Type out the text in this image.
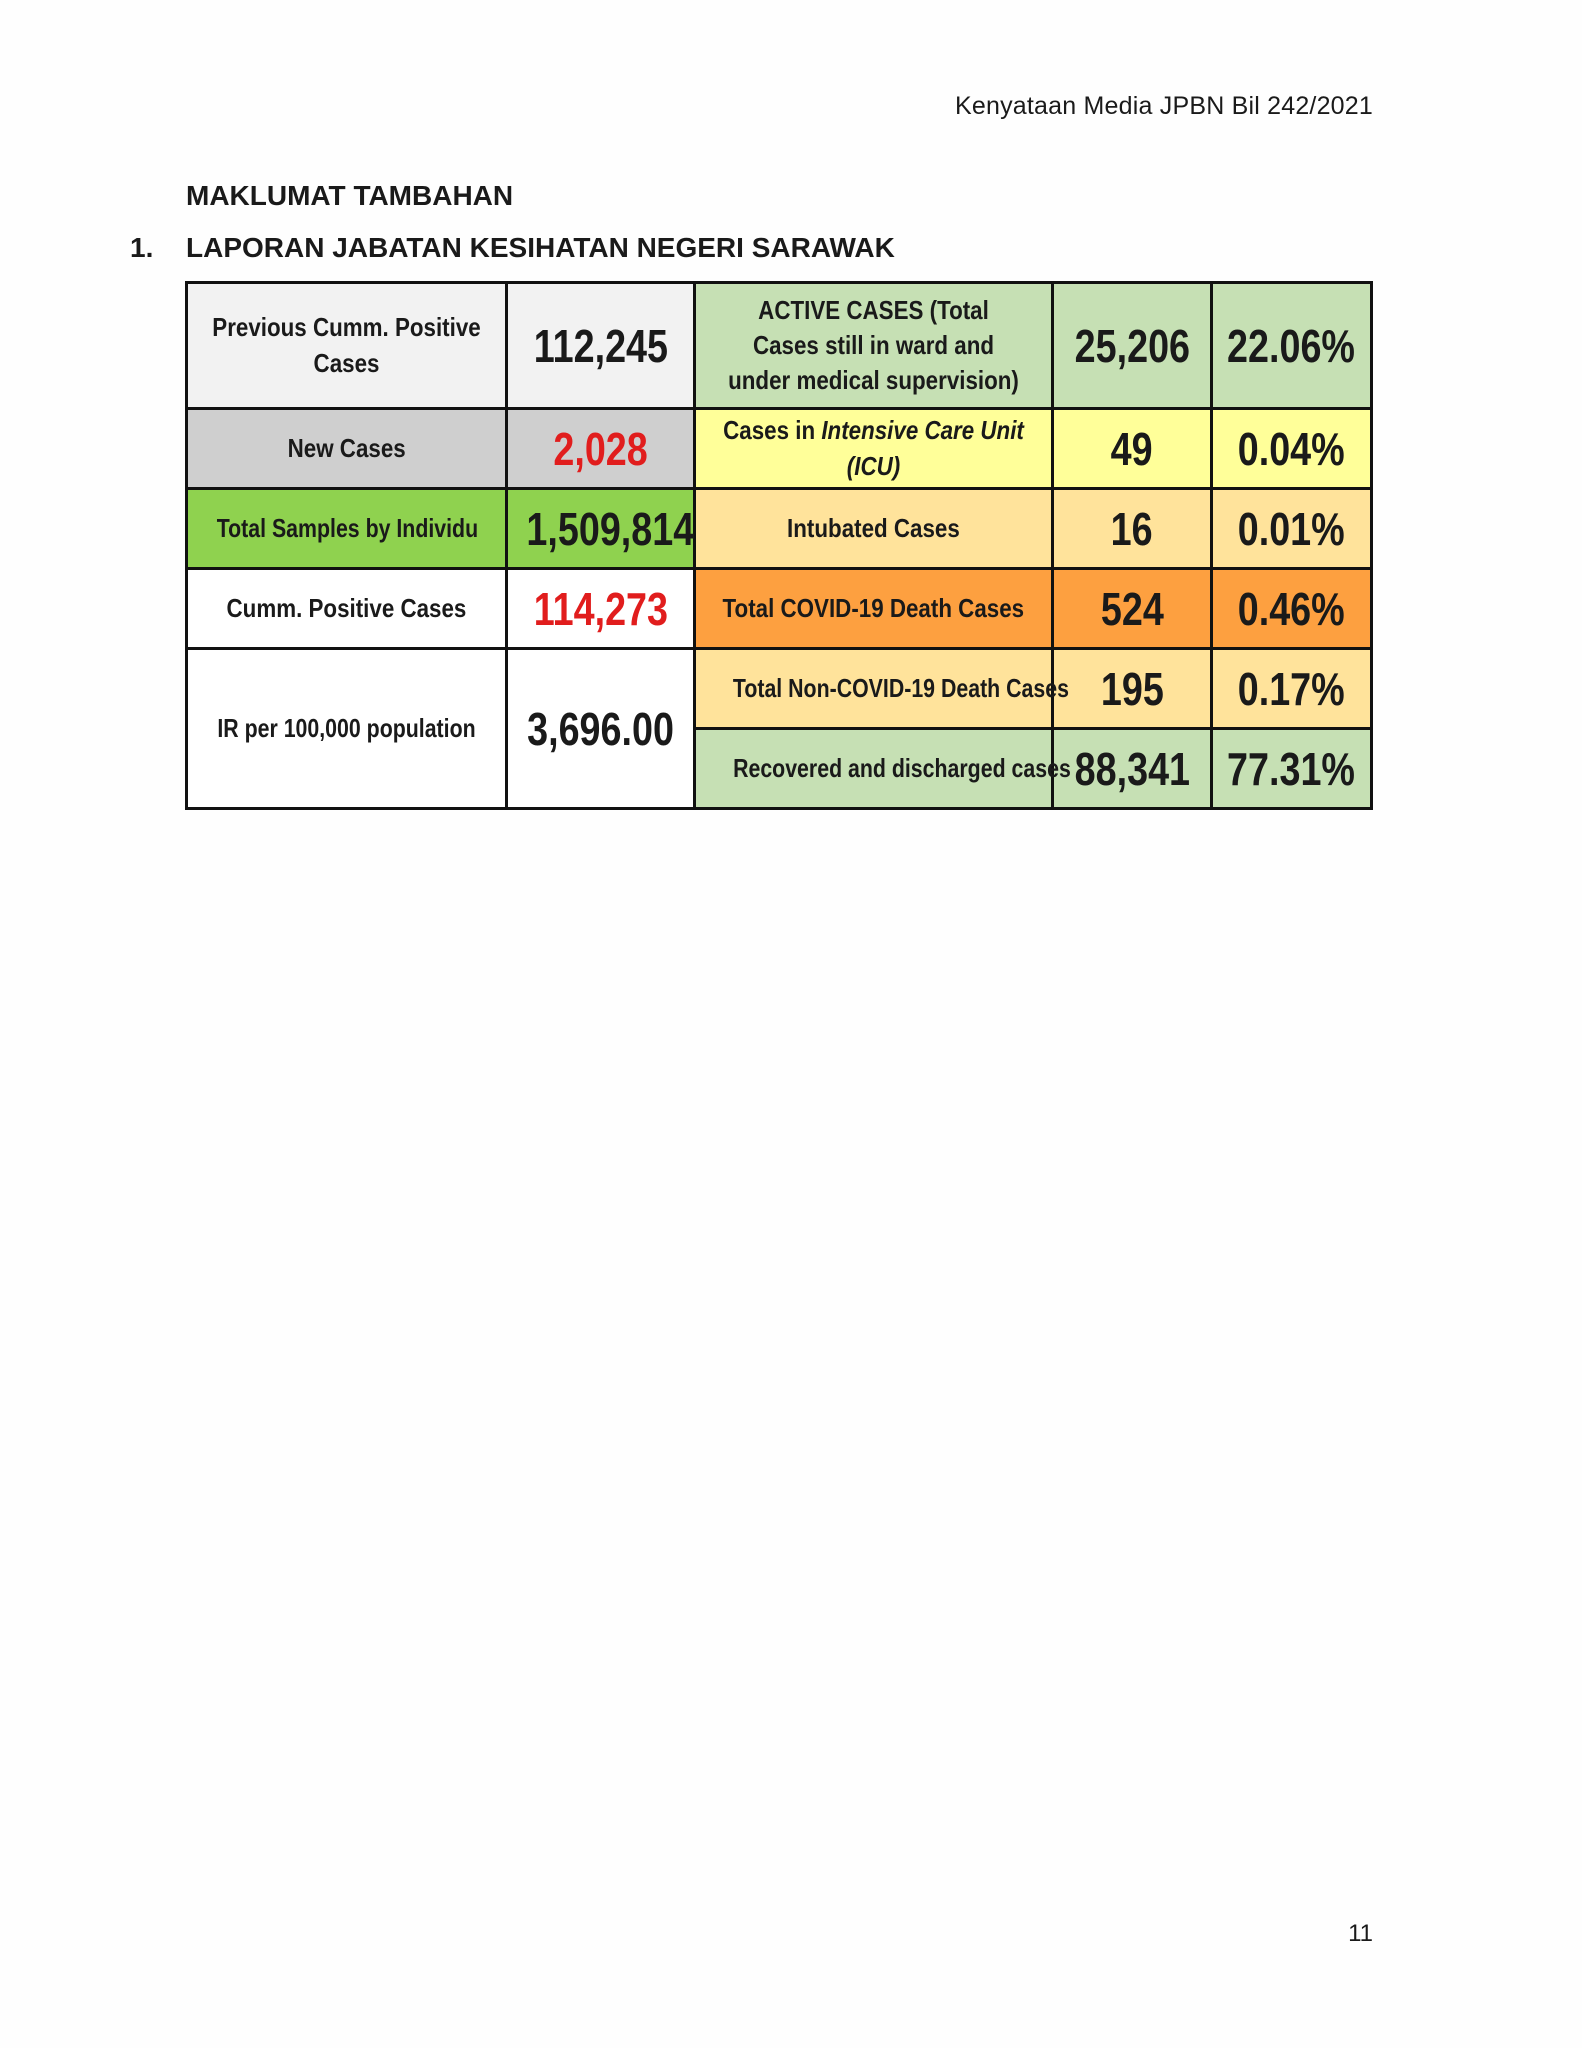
Kenyataan Media JPBN Bil 242/2021
MAKLUMAT TAMBAHAN
1. LAPORAN JABATAN KESIHATAN NEGERI SARAWAK
Previous Cumm. Positive Cases	112,245	ACTIVE CASES (Total Cases still in ward and under medical supervision)	25,206	22.06%
New Cases	2,028	Cases in Intensive Care Unit (ICU)	49	0.04%
Total Samples by Individu	1,509,814	Intubated Cases	16	0.01%
Cumm. Positive Cases	114,273	Total COVID-19 Death Cases	524	0.46%
IR per 100,000 population	3,696.00	Total Non-COVID-19 Death Cases	195	0.17%
		Recovered and discharged cases	88,341	77.31%
11
